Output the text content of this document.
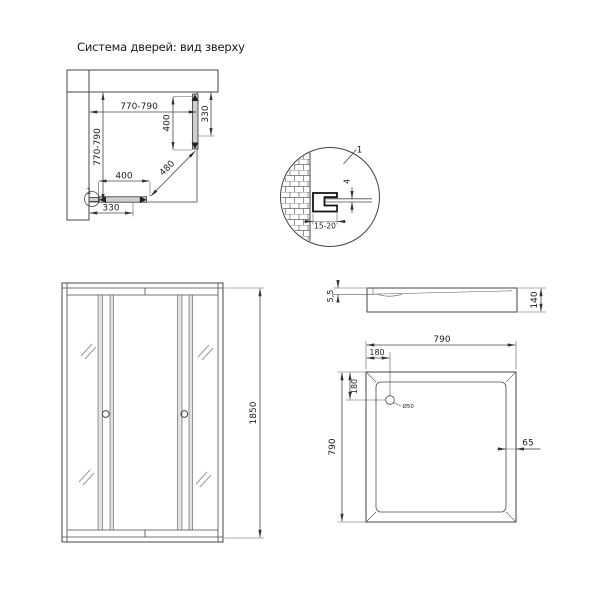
Система дверей: вид зверху
770-790
770-790
400
330
400
330
480
1
4
15-20
1
1850
5,5	140
Ø50
790
180
180
790	65
